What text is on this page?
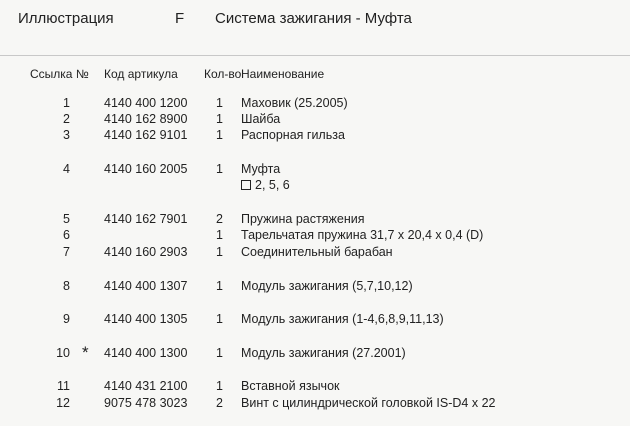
Иллюстрация	F Система зажигания - Муфта
Ссылка № Код артикула Кол-во Наименование
1	4140 400 1200 1 Маховик (25.2005)
2	4140 162 8900 1 Шайба
3	4140 162 9101 1 Распорная гильза
4	4140 160 2005 1 Муфта
2, 5, 6
5	4140 162 7901 2 Пружина растяжения
6	1 Тарельчатая пружина 31,7 x 20,4 x 0,4 (D)
7	4140 160 2903 1 Соединительный барабан
8	4140 400 1307 1 Модуль зажигания (5,7,10,12)
9	4140 400 1305 1 Модуль зажигания (1-4,6,8,9,11,13)
10 * 4140 400 1300 1 Модуль зажигания (27.2001)
11	4140 431 2100 1 Вставной язычок
12	9075 478 3023 2 Винт с цилиндрической головкой IS-D4 x 22
